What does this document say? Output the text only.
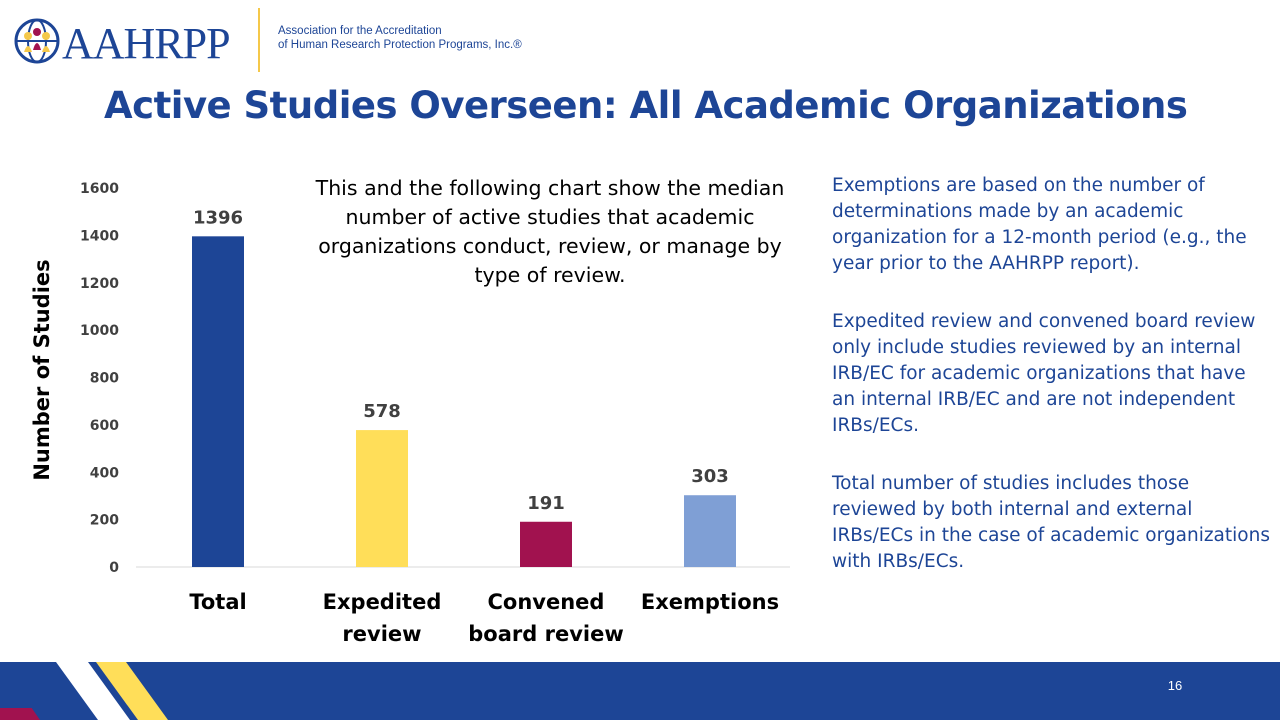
AAHRPP	Association for the Accreditation
of Human Research Protection Programs, Inc.®
Active Studies Overseen: All Academic Organizations
0
200
400
600
800
1000
1200
1400
1600
1396
578
191
303
Number of Studies
This and the following chart show the median number of active studies that academic organizations conduct, review, or manage by type of review.
Total	Expedited
review
Convened
board review
Exemptions

Exemptions are based on the number of determinations made by an academic organization for a 12-month period (e.g., the year prior to the AAHRPP report).

Expedited review and convened board review only include studies reviewed by an internal IRB/EC for academic organizations that have an internal IRB/EC and are not independent IRBs/ECs.

Total number of studies includes those reviewed by both internal and external IRBs/ECs in the case of academic organizations with IRBs/ECs.

16
